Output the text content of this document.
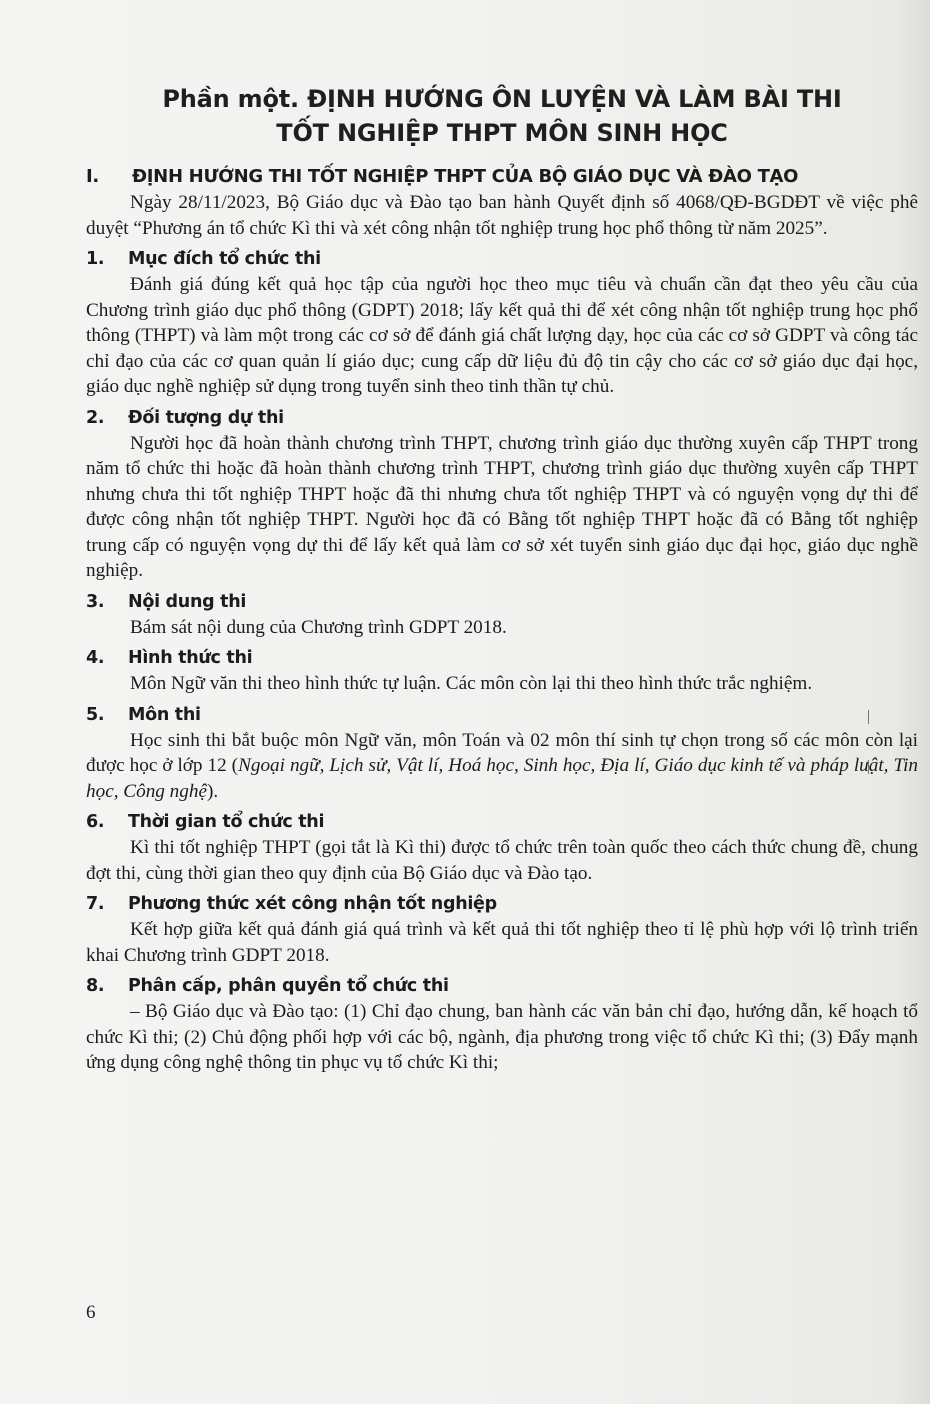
Phần một. ĐỊNH HƯỚNG ÔN LUYỆN VÀ LÀM BÀI THI
TỐT NGHIỆP THPT MÔN SINH HỌC
I.	ĐỊNH HƯỚNG THI TỐT NGHIỆP THPT CỦA BỘ GIÁO DỤC VÀ ĐÀO TẠO

Ngày 28/11/2023, Bộ Giáo dục và Đào tạo ban hành Quyết định số 4068/QĐ-BGDĐT về việc phê duyệt “Phương án tổ chức Kì thi và xét công nhận tốt nghiệp trung học phổ thông từ năm 2025”.

1.	Mục đích tổ chức thi

Đánh giá đúng kết quả học tập của người học theo mục tiêu và chuẩn cần đạt theo yêu cầu của Chương trình giáo dục phổ thông (GDPT) 2018; lấy kết quả thi để xét công nhận tốt nghiệp trung học phổ thông (THPT) và làm một trong các cơ sở để đánh giá chất lượng dạy, học của các cơ sở GDPT và công tác chỉ đạo của các cơ quan quản lí giáo dục; cung cấp dữ liệu đủ độ tin cậy cho các cơ sở giáo dục đại học, giáo dục nghề nghiệp sử dụng trong tuyển sinh theo tinh thần tự chủ.

2.	Đối tượng dự thi

Người học đã hoàn thành chương trình THPT, chương trình giáo dục thường xuyên cấp THPT trong năm tổ chức thi hoặc đã hoàn thành chương trình THPT, chương trình giáo dục thường xuyên cấp THPT nhưng chưa thi tốt nghiệp THPT hoặc đã thi nhưng chưa tốt nghiệp THPT và có nguyện vọng dự thi để được công nhận tốt nghiệp THPT. Người học đã có Bằng tốt nghiệp THPT hoặc đã có Bằng tốt nghiệp trung cấp có nguyện vọng dự thi để lấy kết quả làm cơ sở xét tuyển sinh giáo dục đại học, giáo dục nghề nghiệp.

3.	Nội dung thi

Bám sát nội dung của Chương trình GDPT 2018.

4.	Hình thức thi

Môn Ngữ văn thi theo hình thức tự luận. Các môn còn lại thi theo hình thức trắc nghiệm.

5.	Môn thi

Học sinh thi bắt buộc môn Ngữ văn, môn Toán và 02 môn thí sinh tự chọn trong số các môn còn lại được học ở lớp 12 (Ngoại ngữ, Lịch sử, Vật lí, Hoá học, Sinh học, Địa lí, Giáo dục kinh tế và pháp luật, Tin học, Công nghệ).

6.	Thời gian tổ chức thi

Kì thi tốt nghiệp THPT (gọi tắt là Kì thi) được tổ chức trên toàn quốc theo cách thức chung đề, chung đợt thi, cùng thời gian theo quy định của Bộ Giáo dục và Đào tạo.

7.	Phương thức xét công nhận tốt nghiệp

Kết hợp giữa kết quả đánh giá quá trình và kết quả thi tốt nghiệp theo tỉ lệ phù hợp với lộ trình triển khai Chương trình GDPT 2018.

8.	Phân cấp, phân quyền tổ chức thi

– Bộ Giáo dục và Đào tạo: (1) Chỉ đạo chung, ban hành các văn bản chỉ đạo, hướng dẫn, kế hoạch tổ chức Kì thi; (2) Chủ động phối hợp với các bộ, ngành, địa phương trong việc tổ chức Kì thi; (3) Đẩy mạnh ứng dụng công nghệ thông tin phục vụ tổ chức Kì thi;

6
